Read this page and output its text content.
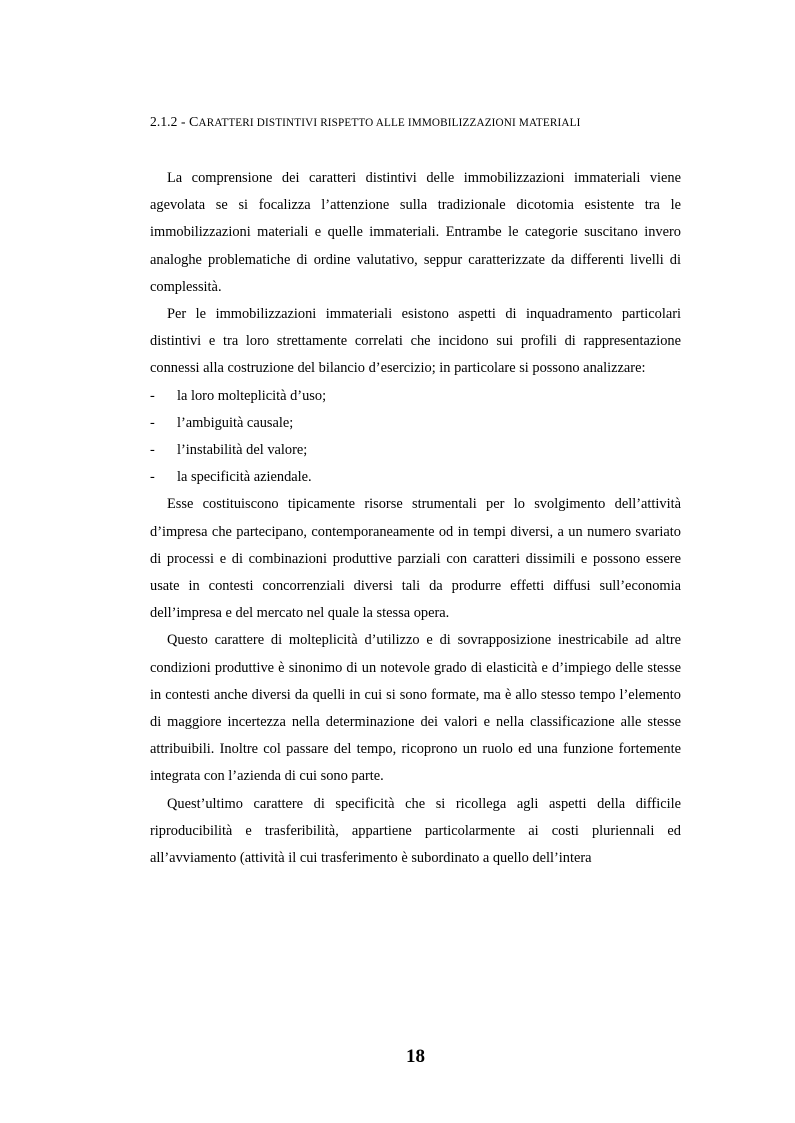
2.1.2 - CARATTERI DISTINTIVI RISPETTO ALLE IMMOBILIZZAZIONI MATERIALI

La comprensione dei caratteri distintivi delle immobilizzazioni immateriali viene agevolata se si focalizza l’attenzione sulla tradizionale dicotomia esistente tra le immobilizzazioni materiali e quelle immateriali. Entrambe le categorie suscitano invero analoghe problematiche di ordine valutativo, seppur caratterizzate da differenti livelli di complessità.

Per le immobilizzazioni immateriali esistono aspetti di inquadramento particolari distintivi e tra loro strettamente correlati che incidono sui profili di rappresentazione connessi alla costruzione del bilancio d’esercizio; in particolare si possono analizzare:

- la loro molteplicità d’uso;
- l’ambiguità causale;
- l’instabilità del valore;
- la specificità aziendale.

Esse costituiscono tipicamente risorse strumentali per lo svolgimento dell’attività d’impresa che partecipano, contemporaneamente od in tempi diversi, a un numero svariato di processi e di combinazioni produttive parziali con caratteri dissimili e possono essere usate in contesti concorrenziali diversi tali da produrre effetti diffusi sull’economia dell’impresa e del mercato nel quale la stessa opera.

Questo carattere di molteplicità d’utilizzo e di sovrapposizione inestricabile ad altre condizioni produttive è sinonimo di un notevole grado di elasticità e d’impiego delle stesse in contesti anche diversi da quelli in cui si sono formate, ma è allo stesso tempo l’elemento di maggiore incertezza nella determinazione dei valori e nella classificazione alle stesse attribuibili. Inoltre col passare del tempo, ricoprono un ruolo ed una funzione fortemente integrata con l’azienda di cui sono parte.

Quest’ultimo carattere di specificità che si ricollega agli aspetti della difficile riproducibilità e trasferibilità, appartiene particolarmente ai costi pluriennali ed all’avviamento (attività il cui trasferimento è subordinato a quello dell’intera

18
